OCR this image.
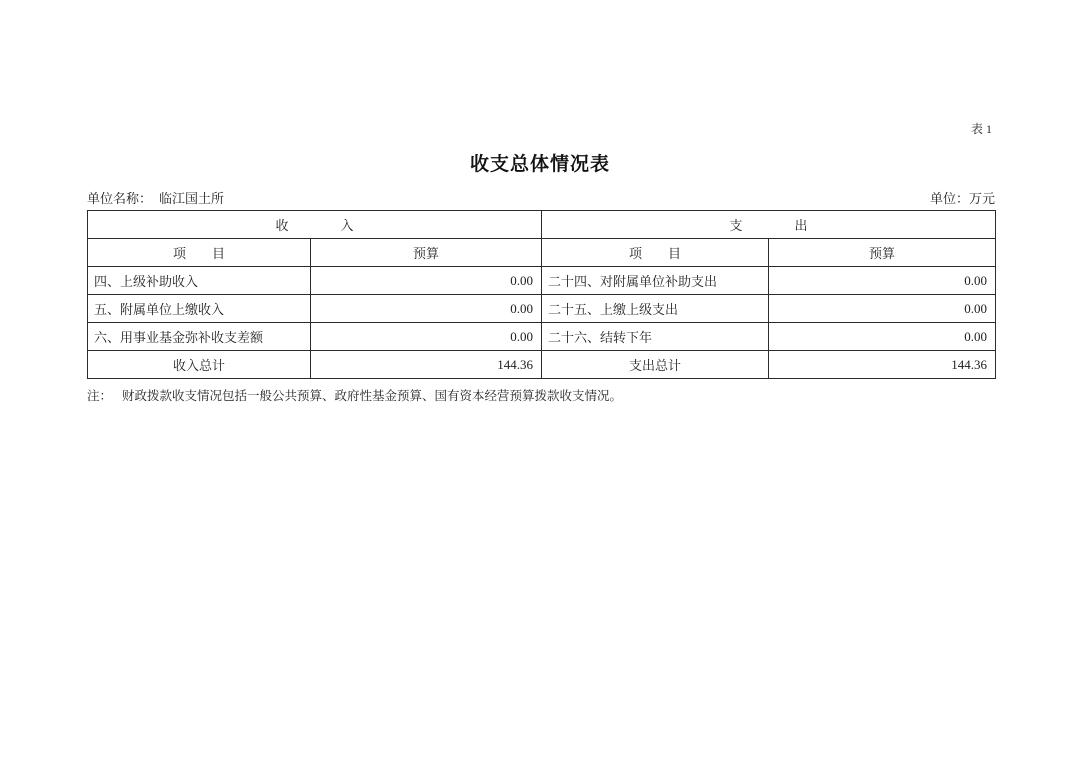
表 1
收支总体情况表
单位名称： 临江国土所	单位：万元
收　　　　入		支　　　　出	
项　　目	预算	项　　目	预算
四、上级补助收入	0.00	二十四、对附属单位补助支出	0.00
五、附属单位上缴收入	0.00	二十五、上缴上级支出	0.00
六、用事业基金弥补收支差额	0.00	二十六、结转下年	0.00
收入总计	144.36	支出总计	144.36
注： 财政拨款收支情况包括一般公共预算、政府性基金预算、国有资本经营预算拨款收支情况。
